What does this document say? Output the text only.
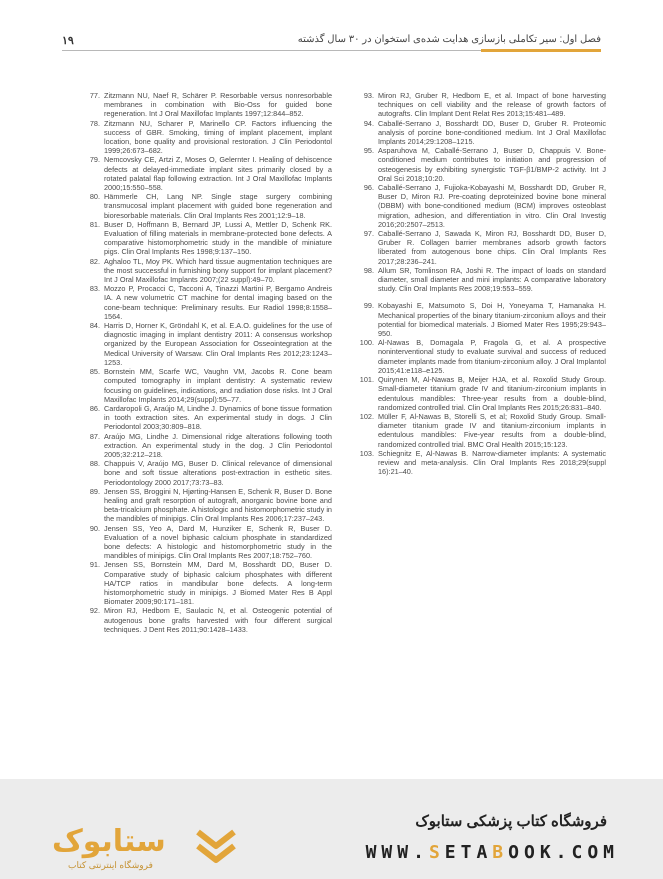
۱۹	فصل اول: سیر تکاملی بازسازی هدایت شده‌ی استخوان در ۳۰ سال گذشته

77. Zitzmann NU, Naef R, Schärer P. Resorbable versus nonresorbable membranes in combination with Bio-Oss for guided bone regeneration. Int J Oral Maxillofac Implants 1997;12:844–852.

78. Zitzmann NU, Scharer P, Marinello CP. Factors influencing the success of GBR. Smoking, timing of implant placement, implant location, bone quality and provisional restoration. J Clin Periodontol 1999;26:673–682.

79. Nemcovsky CE, Artzi Z, Moses O, Gelernter I. Healing of dehiscence defects at delayed-immediate implant sites primarily closed by a rotated palatal flap following extraction. Int J Oral Maxillofac Implants 2000;15:550–558.

80. Hämmerle CH, Lang NP. Single stage surgery combining transmucosal implant placement with guided bone regeneration and bioresorbable materials. Clin Oral Implants Res 2001;12:9–18.

81. Buser D, Hoffmann B, Bernard JP, Lussi A, Mettler D, Schenk RK. Evaluation of filling materials in membrane-protected bone defects. A comparative histomorphometric study in the mandible of miniature pigs. Clin Oral Implants Res 1998;9:137–150.

82. Aghaloo TL, Moy PK. Which hard tissue augmentation techniques are the most successful in furnishing bony support for implant placement? Int J Oral Maxillofac Implants 2007;(22 suppl):49–70.

83. Mozzo P, Procacci C, Tacconi A, Tinazzi Martini P, Bergamo Andreis IA. A new volumetric CT machine for dental imaging based on the cone-beam technique: Preliminary results. Eur Radiol 1998;8:1558–1564.

84. Harris D, Horner K, Gröndahl K, et al. E.A.O. guidelines for the use of diagnostic imaging in implant dentistry 2011: A consensus workshop organized by the European Association for Osseointegration at the Medical University of Warsaw. Clin Oral Implants Res 2012;23:1243–1253.

85. Bornstein MM, Scarfe WC, Vaughn VM, Jacobs R. Cone beam computed tomography in implant dentistry: A systematic review focusing on guidelines, indications, and radiation dose risks. Int J Oral Maxillofac Implants 2014;29(suppl):55–77.

86. Cardaropoli G, Araújo M, Lindhe J. Dynamics of bone tissue formation in tooth extraction sites. An experimental study in dogs. J Clin Periodontol 2003;30:809–818.

87. Araújo MG, Lindhe J. Dimensional ridge alterations following tooth extraction. An experimental study in the dog. J Clin Periodontol 2005;32:212–218.

88. Chappuis V, Araújo MG, Buser D. Clinical relevance of dimensional bone and soft tissue alterations post-extraction in esthetic sites. Periodontology 2000 2017;73:73–83.

89. Jensen SS, Broggini N, Hjørting-Hansen E, Schenk R, Buser D. Bone healing and graft resorption of autograft, anorganic bovine bone and beta-tricalcium phosphate. A histologic and histomorphometric study in the mandibles of minipigs. Clin Oral Implants Res 2006;17:237–243.

90. Jensen SS, Yeo A, Dard M, Hunziker E, Schenk R, Buser D. Evaluation of a novel biphasic calcium phosphate in standardized bone defects: A histologic and histomorphometric study in the mandibles of minipigs. Clin Oral Implants Res 2007;18:752–760.

91. Jensen SS, Bornstein MM, Dard M, Bosshardt DD, Buser D. Comparative study of biphasic calcium phosphates with different HA/TCP ratios in mandibular bone defects. A long-term histomorphometric study in minipigs. J Biomed Mater Res B Appl Biomater 2009;90:171–181.

92. Miron RJ, Hedbom E, Saulacic N, et al. Osteogenic potential of autogenous bone grafts harvested with four different surgical techniques. J Dent Res 2011;90:1428–1433.

93. Miron RJ, Gruber R, Hedbom E, et al. Impact of bone harvesting techniques on cell viability and the release of growth factors of autografts. Clin Implant Dent Relat Res 2013;15:481–489.

94. Caballé-Serrano J, Bosshardt DD, Buser D, Gruber R. Proteomic analysis of porcine bone-conditioned medium. Int J Oral Maxillofac Implants 2014;29:1208–1215.

95. Asparuhova M, Caballé-Serrano J, Buser D, Chappuis V. Bone-conditioned medium contributes to initiation and progression of osteogenesis by exhibiting synergistic TGF-β1/BMP-2 activity. Int J Oral Sci 2018;10:20.

96. Caballé-Serrano J, Fujioka-Kobayashi M, Bosshardt DD, Gruber R, Buser D, Miron RJ. Pre-coating deproteinized bovine bone mineral (DBBM) with bone-conditioned medium (BCM) improves osteoblast migration, adhesion, and differentiation in vitro. Clin Oral Investig 2016;20:2507–2513.

97. Caballé-Serrano J, Sawada K, Miron RJ, Bosshardt DD, Buser D, Gruber R. Collagen barrier membranes adsorb growth factors liberated from autogenous bone chips. Clin Oral Implants Res 2017;28:236–241.

98. Allum SR, Tomlinson RA, Joshi R. The impact of loads on standard diameter, small diameter and mini implants: A comparative laboratory study. Clin Oral Implants Res 2008;19:553–559.

99. Kobayashi E, Matsumoto S, Doi H, Yoneyama T, Hamanaka H. Mechanical properties of the binary titanium-zirconium alloys and their potential for biomedical materials. J Biomed Mater Res 1995;29:943–950.

100. Al-Nawas B, Domagala P, Fragola G, et al. A prospective noninterventional study to evaluate survival and success of reduced diameter implants made from titanium-zirconium alloy. J Oral Implantol 2015;41:e118–e125.

101. Quirynen M, Al-Nawas B, Meijer HJA, et al. Roxolid Study Group. Small-diameter titanium grade IV and titanium-zirconium implants in edentulous mandibles: Three-year results from a double-blind, randomized controlled trial. Clin Oral Implants Res 2015;26:831–840.

102. Müller F, Al-Nawas B, Storelli S, et al; Roxolid Study Group. Small-diameter titanium grade IV and titanium-zirconium implants in edentulous mandibles: Five-year results from a double-blind, randomized controlled trial. BMC Oral Health 2015;15:123.

103. Schiegnitz E, Al-Nawas B. Narrow-diameter implants: A systematic review and meta-analysis. Clin Oral Implants Res 2018;29(suppl 16):21–40.

ستابوک
فروشگاه اینترنتی کتاب
فروشگاه کتاب پزشکی ستابوک
WWW.SETABOOK.COM
